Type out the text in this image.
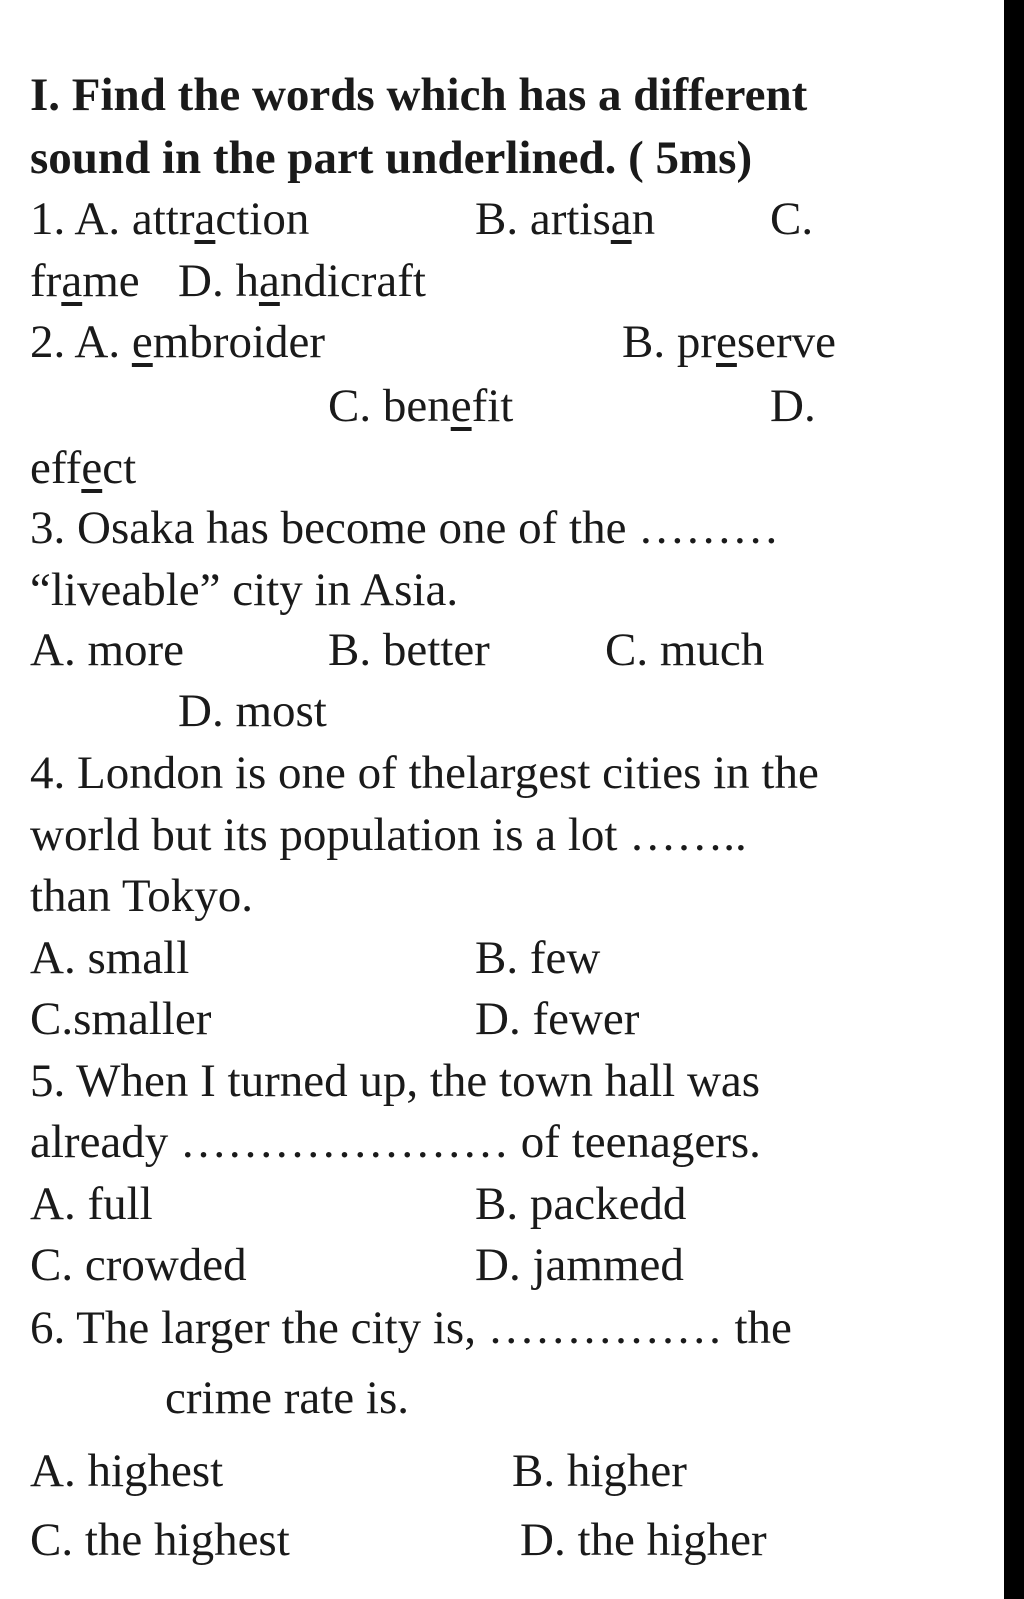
I. Find the words which has a different
sound in the part underlined. ( 5ms)
1. A. attraction	B. artisan C.
frame D. handicraft
2. A. embroider	B. preserve
C. benefit	D.
effect
3. Osaka has become one of the ………
“liveable” city in Asia.
A. more	B. better C. much
D. most
4. London is one of thelargest cities in the
world but its population is a lot ……..
than Tokyo.
A. small	B. few
C.smaller	D. fewer
5. When I turned up, the town hall was
already ………………… of teenagers.
A. full	B. packedd
C. crowded	D. jammed
6. The larger the city is, …………… the
crime rate is.
A. highest	B. higher
C. the highest	D. the higher
